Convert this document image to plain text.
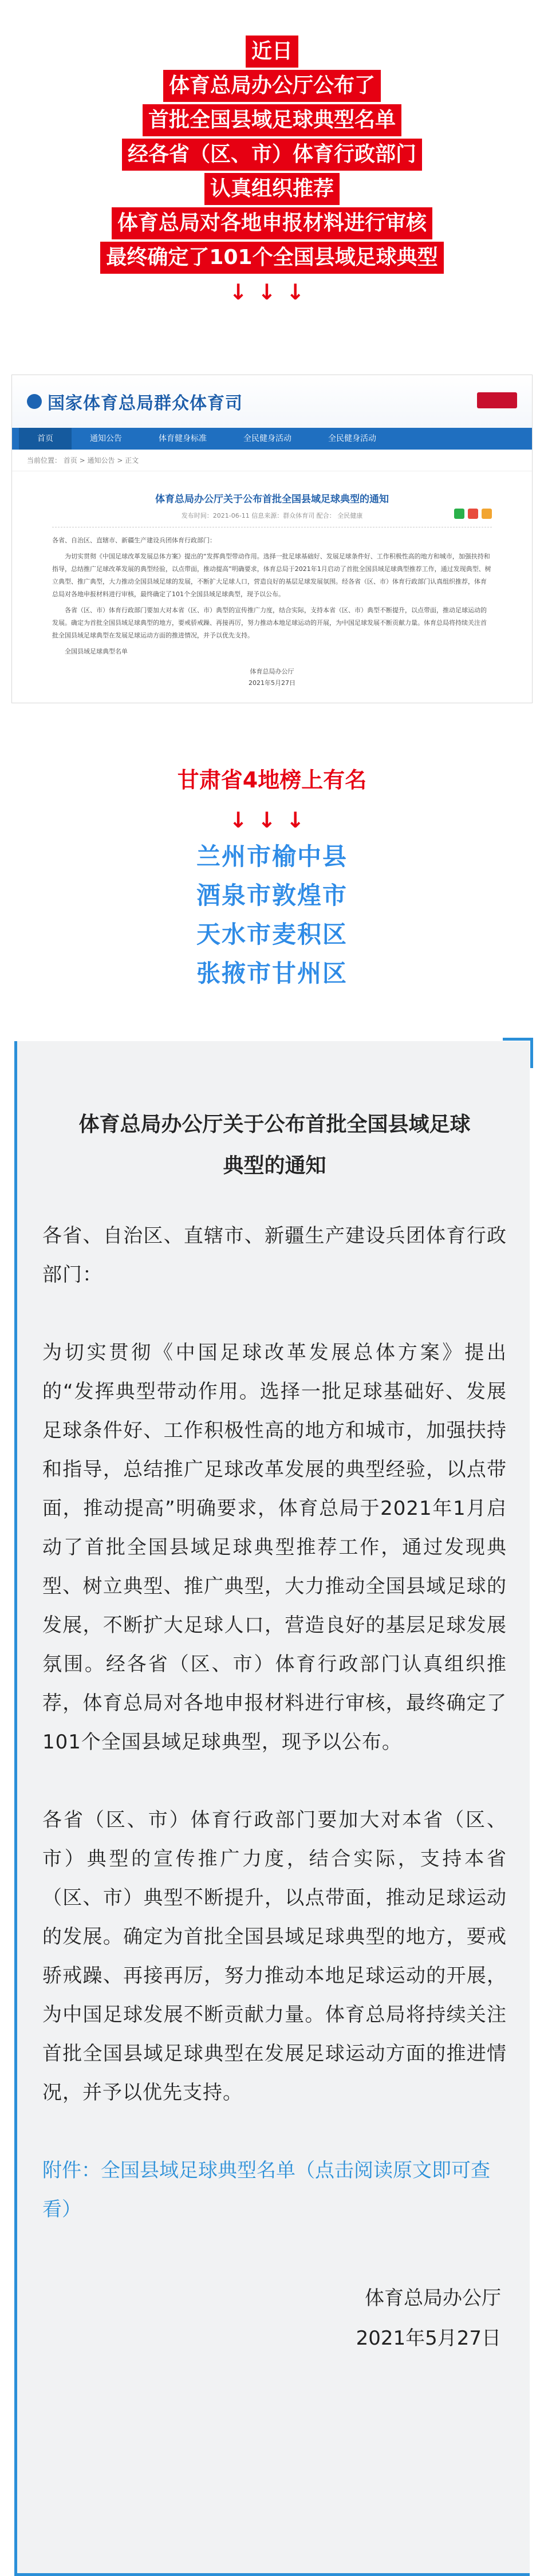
近日
体育总局办公厅公布了
首批全国县域足球典型名单
经各省（区、市）体育行政部门
认真组织推荐
体育总局对各地申报材料进行审核
最终确定了101个全国县域足球典型
↓↓↓
国家体育总局群众体育司
首页	通知公告	体育健身标准	全民健身活动	全民健身活动
当前位置： 首页 > 通知公告 > 正文
体育总局办公厅关于公布首批全国县域足球典型的通知
发布时间：2021-06-11 信息来源：群众体育司 配合： 全民健康

各省、自治区、直辖市、新疆生产建设兵团体育行政部门：

为切实贯彻《中国足球改革发展总体方案》提出的“发挥典型带动作用。选择一批足球基础好、发展足球条件好、工作积极性高的地方和城市，加强扶持和指导，总结推广足球改革发展的典型经验，以点带面，推动提高”明确要求，体育总局于2021年1月启动了首批全国县域足球典型推荐工作，通过发现典型、树立典型、推广典型，大力推动全国县域足球的发展，不断扩大足球人口，营造良好的基层足球发展氛围。经各省（区、市）体育行政部门认真组织推荐，体育总局对各地申报材料进行审核，最终确定了101个全国县域足球典型，现予以公布。

各省（区、市）体育行政部门要加大对本省（区、市）典型的宣传推广力度，结合实际，支持本省（区、市）典型不断提升，以点带面，推动足球运动的发展。确定为首批全国县域足球典型的地方，要戒骄戒躁、再接再厉，努力推动本地足球运动的开展，为中国足球发展不断贡献力量。体育总局将持续关注首批全国县域足球典型在发展足球运动方面的推进情况，并予以优先支持。

全国县域足球典型名单

体育总局办公厅
2021年5月27日
甘肃省4地榜上有名
↓↓↓
兰州市榆中县
酒泉市敦煌市
天水市麦积区
张掖市甘州区
体育总局办公厅关于公布首批全国县域足球
典型的通知

各省、自治区、直辖市、新疆生产建设兵团体育行政部门：

为切实贯彻《中国足球改革发展总体方案》提出的“发挥典型带动作用。选择一批足球基础好、发展足球条件好、工作积极性高的地方和城市，加强扶持和指导，总结推广足球改革发展的典型经验，以点带面，推动提高”明确要求，体育总局于2021年1月启动了首批全国县域足球典型推荐工作，通过发现典型、树立典型、推广典型，大力推动全国县域足球的发展，不断扩大足球人口，营造良好的基层足球发展氛围。经各省（区、市）体育行政部门认真组织推荐，体育总局对各地申报材料进行审核，最终确定了101个全国县域足球典型，现予以公布。

各省（区、市）体育行政部门要加大对本省（区、市）典型的宣传推广力度，结合实际，支持本省（区、市）典型不断提升，以点带面，推动足球运动的发展。确定为首批全国县域足球典型的地方，要戒骄戒躁、再接再厉，努力推动本地足球运动的开展，为中国足球发展不断贡献力量。体育总局将持续关注首批全国县域足球典型在发展足球运动方面的推进情况，并予以优先支持。

附件：全国县域足球典型名单（点击阅读原文即可查看）

体育总局办公厅
2021年5月27日
